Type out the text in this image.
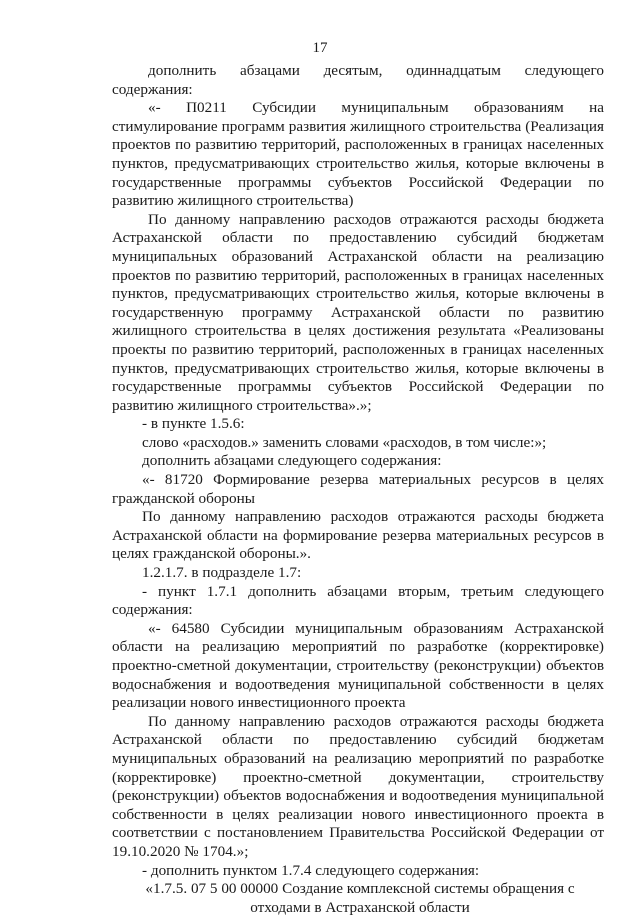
17

дополнить абзацами десятым, одиннадцатым следующего содержания:

«- П0211 Субсидии муниципальным образованиям на стимулирование программ развития жилищного строительства (Реализация проектов по развитию территорий, расположенных в границах населенных пунктов, предусматривающих строительство жилья, которые включены в государственные программы субъектов Российской Федерации по развитию жилищного строительства)

По данному направлению расходов отражаются расходы бюджета Астраханской области по предоставлению субсидий бюджетам муниципальных образований Астраханской области на реализацию проектов по развитию территорий, расположенных в границах населенных пунктов, предусматривающих строительство жилья, которые включены в государственную программу Астраханской области по развитию жилищного строительства в целях достижения результата «Реализованы проекты по развитию территорий, расположенных в границах населенных пунктов, предусматривающих строительство жилья, которые включены в государственные программы субъектов Российской Федерации по развитию жилищного строительства».»;

- в пункте 1.5.6:

слово «расходов.» заменить словами «расходов, в том числе:»;

дополнить абзацами следующего содержания:

«- 81720 Формирование резерва материальных ресурсов в целях гражданской обороны

По данному направлению расходов отражаются расходы бюджета Астраханской области на формирование резерва материальных ресурсов в целях гражданской обороны.».

1.2.1.7. в подразделе 1.7:

- пункт 1.7.1 дополнить абзацами вторым, третьим следующего содержания:

«- 64580 Субсидии муниципальным образованиям Астраханской области на реализацию мероприятий по разработке (корректировке) проектно-сметной документации, строительству (реконструкции) объектов водоснабжения и водоотведения муниципальной собственности в целях реализации нового инвестиционного проекта

По данному направлению расходов отражаются расходы бюджета Астраханской области по предоставлению субсидий бюджетам муниципальных образований на реализацию мероприятий по разработке (корректировке) проектно-сметной документации, строительству (реконструкции) объектов водоснабжения и водоотведения муниципальной собственности в целях реализации нового инвестиционного проекта в соответствии с постановлением Правительства Российской Федерации от 19.10.2020 № 1704.»;

- дополнить пунктом 1.7.4 следующего содержания:

«1.7.5. 07 5 00 00000 Создание комплексной системы обращения с отходами в Астраханской области
